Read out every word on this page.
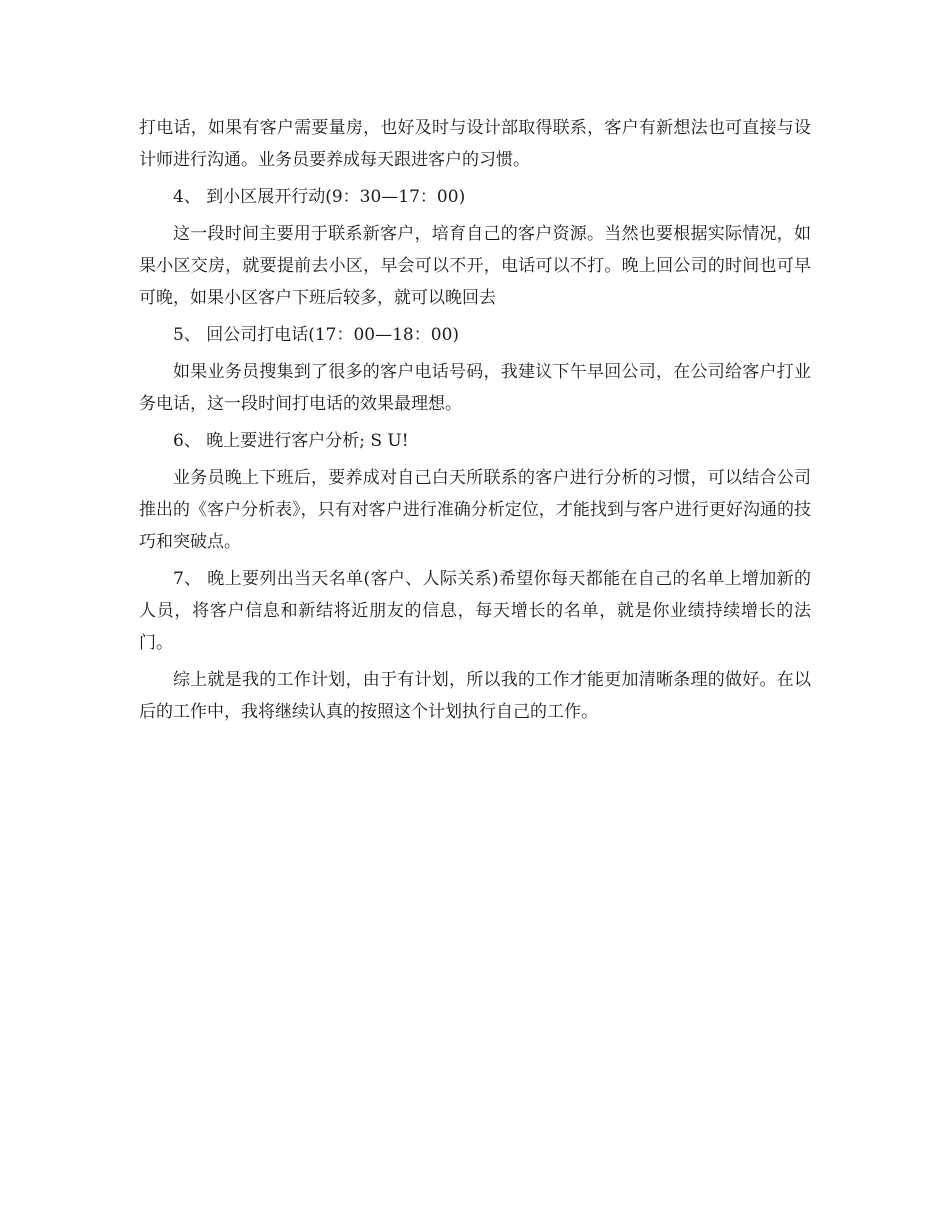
打电话，如果有客户需要量房，也好及时与设计部取得联系，客户有新想法也可直接与设计师进行沟通。业务员要养成每天跟进客户的习惯。

4、 到小区展开行动(9：30—17：00)

这一段时间主要用于联系新客户，培育自己的客户资源。当然也要根据实际情况，如果小区交房，就要提前去小区，早会可以不开，电话可以不打。晚上回公司的时间也可早可晚，如果小区客户下班后较多，就可以晚回去

5、 回公司打电话(17：00—18：00)

如果业务员搜集到了很多的客户电话号码，我建议下午早回公司，在公司给客户打业务电话，这一段时间打电话的效果最理想。

6、 晚上要进行客户分析; S U!

业务员晚上下班后，要养成对自己白天所联系的客户进行分析的习惯，可以结合公司推出的《客户分析表》，只有对客户进行准确分析定位，才能找到与客户进行更好沟通的技巧和突破点。

7、 晚上要列出当天名单(客户、人际关系)希望你每天都能在自己的名单上增加新的人员，将客户信息和新结将近朋友的信息，每天增长的名单，就是你业绩持续增长的法门。

综上就是我的工作计划，由于有计划，所以我的工作才能更加清晰条理的做好。在以后的工作中，我将继续认真的按照这个计划执行自己的工作。
